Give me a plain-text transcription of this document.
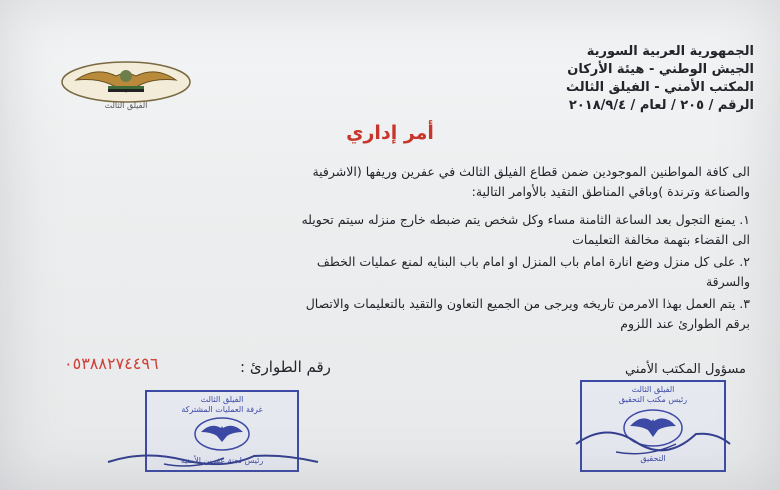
الفيلق الثالث
الجمهورية العربية السورية
الجيش الوطني - هيئة الأركان
المكتب الأمني - الفيلق الثالث
الرقم / ٢٠٥ / لعام / ٢٠١٨/٩/٤
أمر إداري
الى كافة المواطنين الموجودين ضمن قطاع الفيلق الثالث في عفرين وريفها (الاشرفية
والصناعة وترندة )وباقي المناطق التقيد بالأوامر التالية:
١. يمنع التجول بعد الساعة الثامنة مساء وكل شخص يتم ضبطه خارج منزله سيتم تحويله
الى القضاء بتهمة مخالفة التعليمات
٢. على كل منزل وضع انارة امام باب المنزل او امام باب البنايه لمنع عمليات الخطف
والسرقة
٣. يتم العمل بهذا الامرمن تاريخه ويرجى من الجميع التعاون والتقيد بالتعليمات والاتصال
برقم الطوارئ عند اللزوم
مسؤول المكتب الأمني
رقم الطوارئ :
٠٥٣٨٨٢٧٤٤٩٦
الفيلق الثالث
غرفة العمليات المشتركة
رئيس لجنة عفرين الأمنية
الفيلق الثالث
رئيس مكتب التحقيق
التحقيق
